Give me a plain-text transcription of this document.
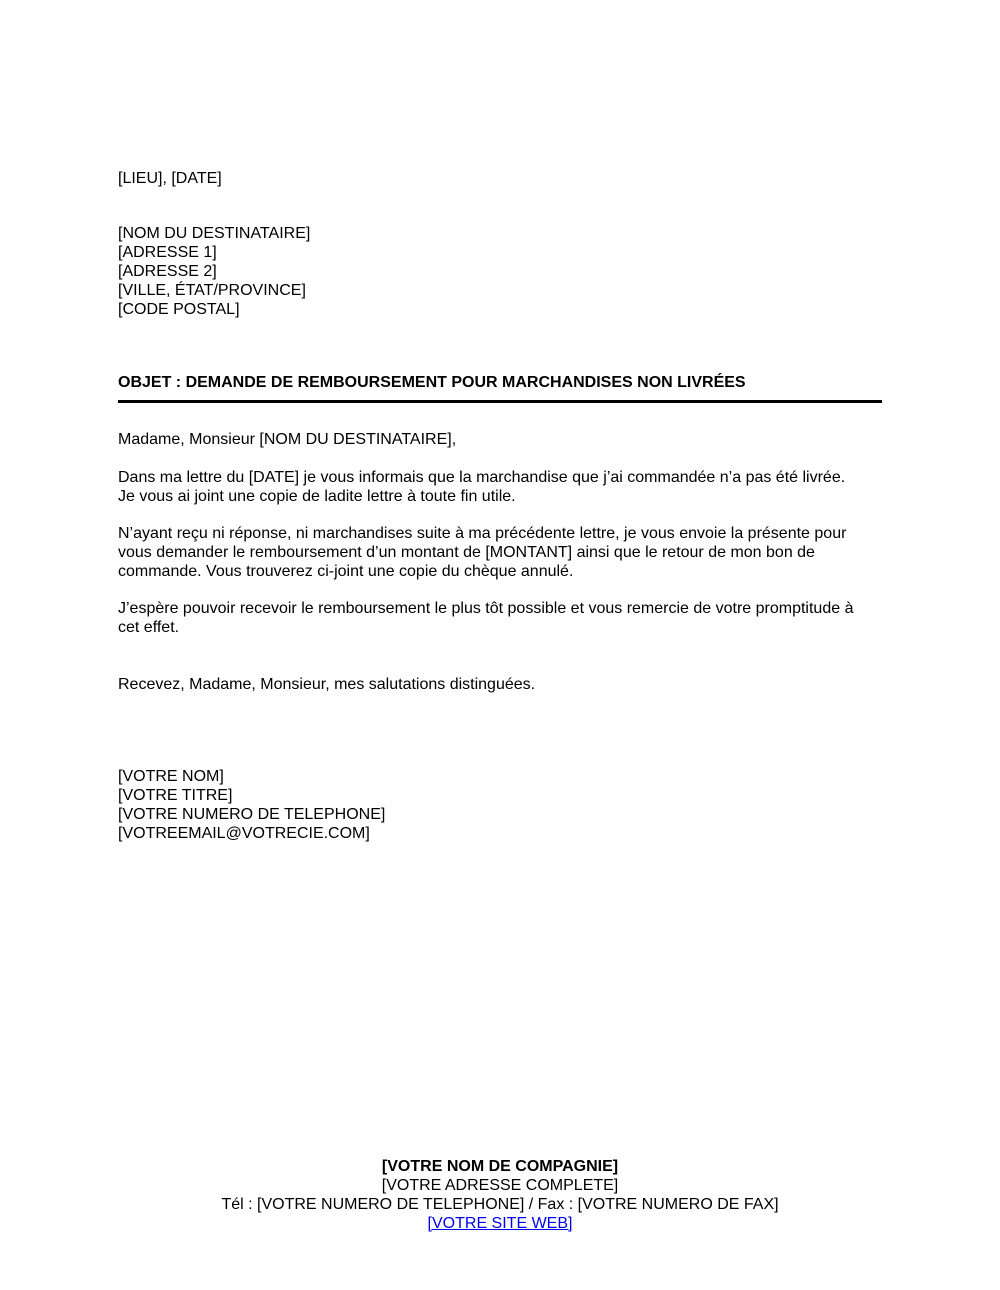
[LIEU], [DATE]
[NOM DU DESTINATAIRE]
[ADRESSE 1]
[ADRESSE 2]
[VILLE, ÉTAT/PROVINCE]
[CODE POSTAL]
OBJET : DEMANDE DE REMBOURSEMENT POUR MARCHANDISES NON LIVRÉES
Madame, Monsieur [NOM DU DESTINATAIRE],
Dans ma lettre du [DATE] je vous informais que la marchandise que j’ai commandée n’a pas été livrée.
Je vous ai joint une copie de ladite lettre à toute fin utile.
N’ayant reçu ni réponse, ni marchandises suite à ma précédente lettre, je vous envoie la présente pour
vous demander le remboursement d’un montant de [MONTANT] ainsi que le retour de mon bon de
commande. Vous trouverez ci-joint une copie du chèque annulé.
J’espère pouvoir recevoir le remboursement le plus tôt possible et vous remercie de votre promptitude à
cet effet.
Recevez, Madame, Monsieur, mes salutations distinguées.
[VOTRE NOM]
[VOTRE TITRE]
[VOTRE NUMERO DE TELEPHONE]
[VOTREEMAIL@VOTRECIE.COM]
[VOTRE NOM DE COMPAGNIE]
[VOTRE ADRESSE COMPLETE]
Tél : [VOTRE NUMERO DE TELEPHONE] / Fax : [VOTRE NUMERO DE FAX]
[VOTRE SITE WEB]
